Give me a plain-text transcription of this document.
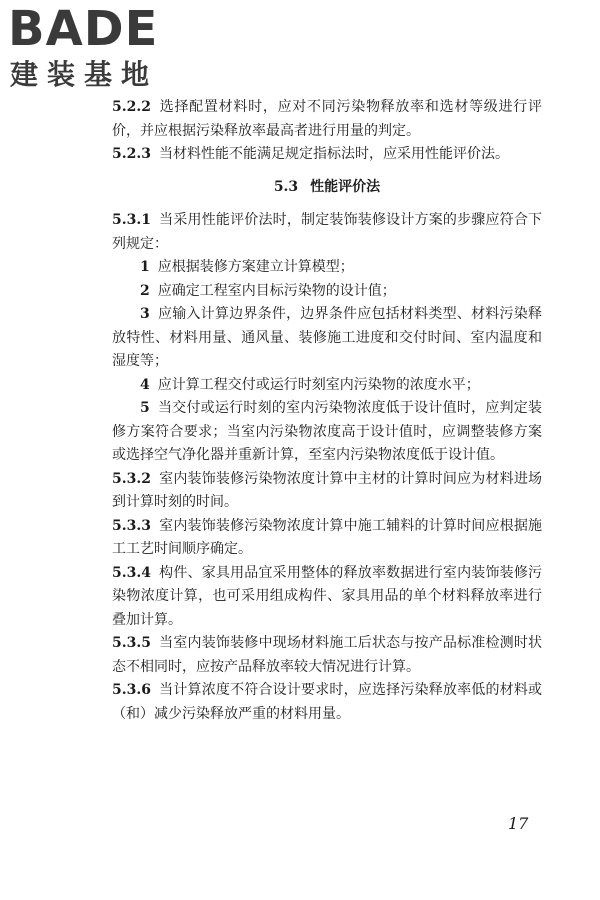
BADE
建装基地

5.2.2 选择配置材料时，应对不同污染物释放率和选材等级进行评价，并应根据污染释放率最高者进行用量的判定。

5.2.3 当材料性能不能满足规定指标法时，应采用性能评价法。

5.3 性能评价法

5.3.1 当采用性能评价法时，制定装饰装修设计方案的步骤应符合下列规定：

1 应根据装修方案建立计算模型；

2 应确定工程室内目标污染物的设计值；

3 应输入计算边界条件，边界条件应包括材料类型、材料污染释放特性、材料用量、通风量、装修施工进度和交付时间、室内温度和湿度等；

4 应计算工程交付或运行时刻室内污染物的浓度水平；

5 当交付或运行时刻的室内污染物浓度低于设计值时，应判定装修方案符合要求；当室内污染物浓度高于设计值时，应调整装修方案或选择空气净化器并重新计算，至室内污染物浓度低于设计值。

5.3.2 室内装饰装修污染物浓度计算中主材的计算时间应为材料进场到计算时刻的时间。

5.3.3 室内装饰装修污染物浓度计算中施工辅料的计算时间应根据施工工艺时间顺序确定。

5.3.4 构件、家具用品宜采用整体的释放率数据进行室内装饰装修污染物浓度计算，也可采用组成构件、家具用品的单个材料释放率进行叠加计算。

5.3.5 当室内装饰装修中现场材料施工后状态与按产品标准检测时状态不相同时，应按产品释放率较大情况进行计算。

5.3.6 当计算浓度不符合设计要求时，应选择污染释放率低的材料或（和）减少污染释放严重的材料用量。

17
